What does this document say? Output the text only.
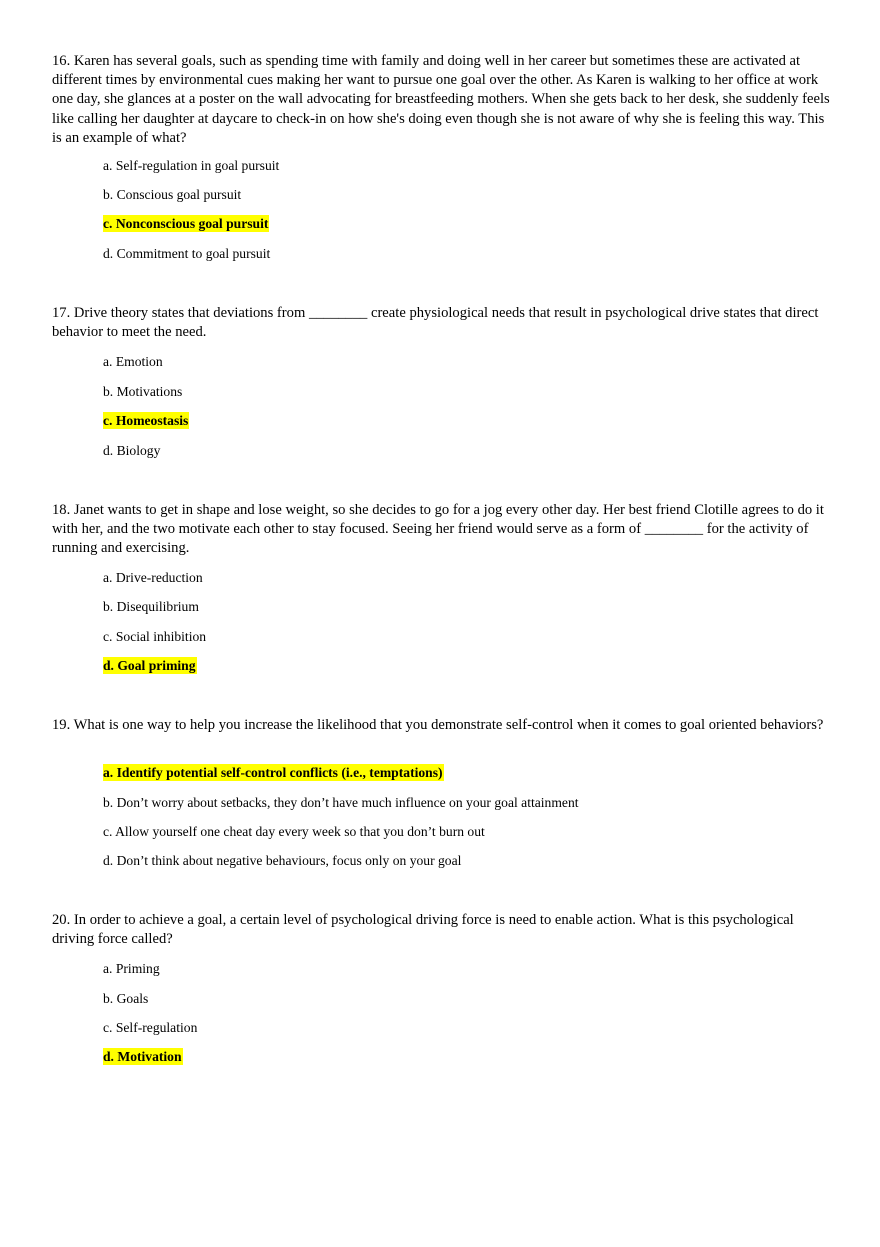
16. Karen has several goals, such as spending time with family and doing well in her career but sometimes these are activated at different times by environmental cues making her want to pursue one goal over the other. As Karen is walking to her office at work one day, she glances at a poster on the wall advocating for breastfeeding mothers. When she gets back to her desk, she suddenly feels like calling her daughter at daycare to check-in on how she's doing even though she is not aware of why she is feeling this way. This is an example of what?

a. Self-regulation in goal pursuit
b. Conscious goal pursuit
c. Nonconscious goal pursuit
d. Commitment to goal pursuit

17. Drive theory states that deviations from ________ create physiological needs that result in psychological drive states that direct behavior to meet the need.

a. Emotion
b. Motivations
c. Homeostasis
d. Biology

18. Janet wants to get in shape and lose weight, so she decides to go for a jog every other day. Her best friend Clotille agrees to do it with her, and the two motivate each other to stay focused. Seeing her friend would serve as a form of ________ for the activity of running and exercising.

a. Drive-reduction
b. Disequilibrium
c. Social inhibition
d. Goal priming

19. What is one way to help you increase the likelihood that you demonstrate self-control when it comes to goal oriented behaviors?

a. Identify potential self-control conflicts (i.e., temptations)
b. Don’t worry about setbacks, they don’t have much influence on your goal attainment
c. Allow yourself one cheat day every week so that you don’t burn out
d. Don’t think about negative behaviours, focus only on your goal

20. In order to achieve a goal, a certain level of psychological driving force is need to enable action. What is this psychological driving force called?

a. Priming
b. Goals
c. Self-regulation
d. Motivation
